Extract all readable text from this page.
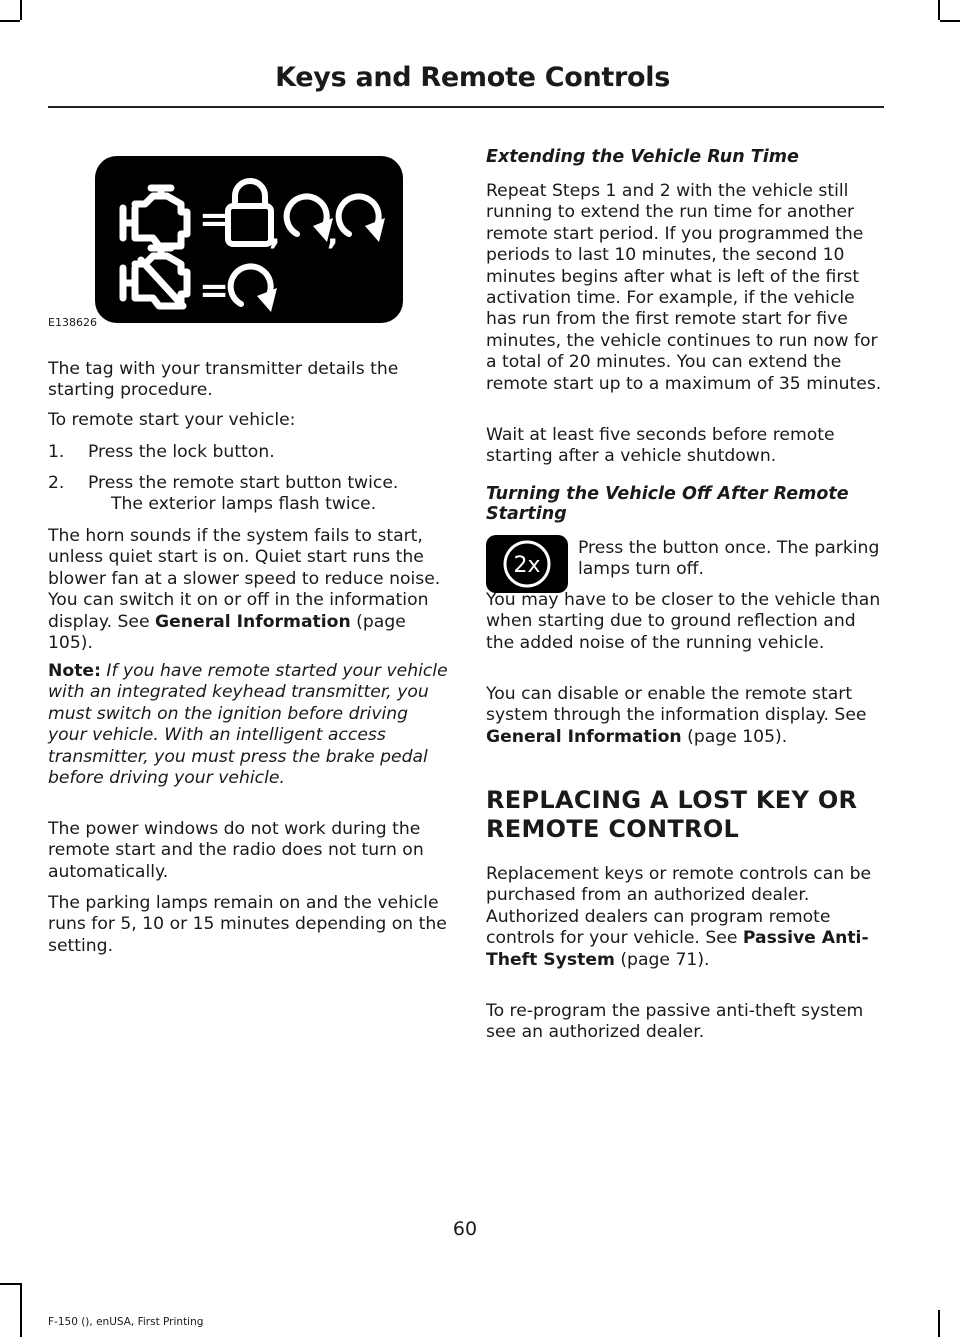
Keys and Remote Controls
= , ,
=
E138626

The tag with your transmitter details the starting procedure.

To remote start your vehicle:

1. Press the lock button.
2. Press the remote start button twice.
The exterior lamps flash twice.

The horn sounds if the system fails to start, unless quiet start is on. Quiet start runs the blower fan at a slower speed to reduce noise. You can switch it on or off in the information display. See General Information (page 105).

Note: If you have remote started your vehicle with an integrated keyhead transmitter, you must switch on the ignition before driving your vehicle. With an intelligent access transmitter, you must press the brake pedal before driving your vehicle.

The power windows do not work during the remote start and the radio does not turn on automatically.

The parking lamps remain on and the vehicle runs for 5, 10 or 15 minutes depending on the setting.

Extending the Vehicle Run Time

Repeat Steps 1 and 2 with the vehicle still running to extend the run time for another remote start period. If you programmed the periods to last 10 minutes, the second 10 minutes begins after what is left of the first activation time. For example, if the vehicle has run from the first remote start for five minutes, the vehicle continues to run now for a total of 20 minutes. You can extend the remote start up to a maximum of 35 minutes.

Wait at least five seconds before remote starting after a vehicle shutdown.

Turning the Vehicle Off After Remote Starting

Press the button once. The parking lamps turn off.

2x

You may have to be closer to the vehicle than when starting due to ground reflection and the added noise of the running vehicle.

You can disable or enable the remote start system through the information display. See General Information (page 105).

REPLACING A LOST KEY OR
REMOTE CONTROL

Replacement keys or remote controls can be purchased from an authorized dealer. Authorized dealers can program remote controls for your vehicle. See Passive Anti-Theft System (page 71).

To re-program the passive anti-theft system see an authorized dealer.

60
F-150 (), enUSA, First Printing
